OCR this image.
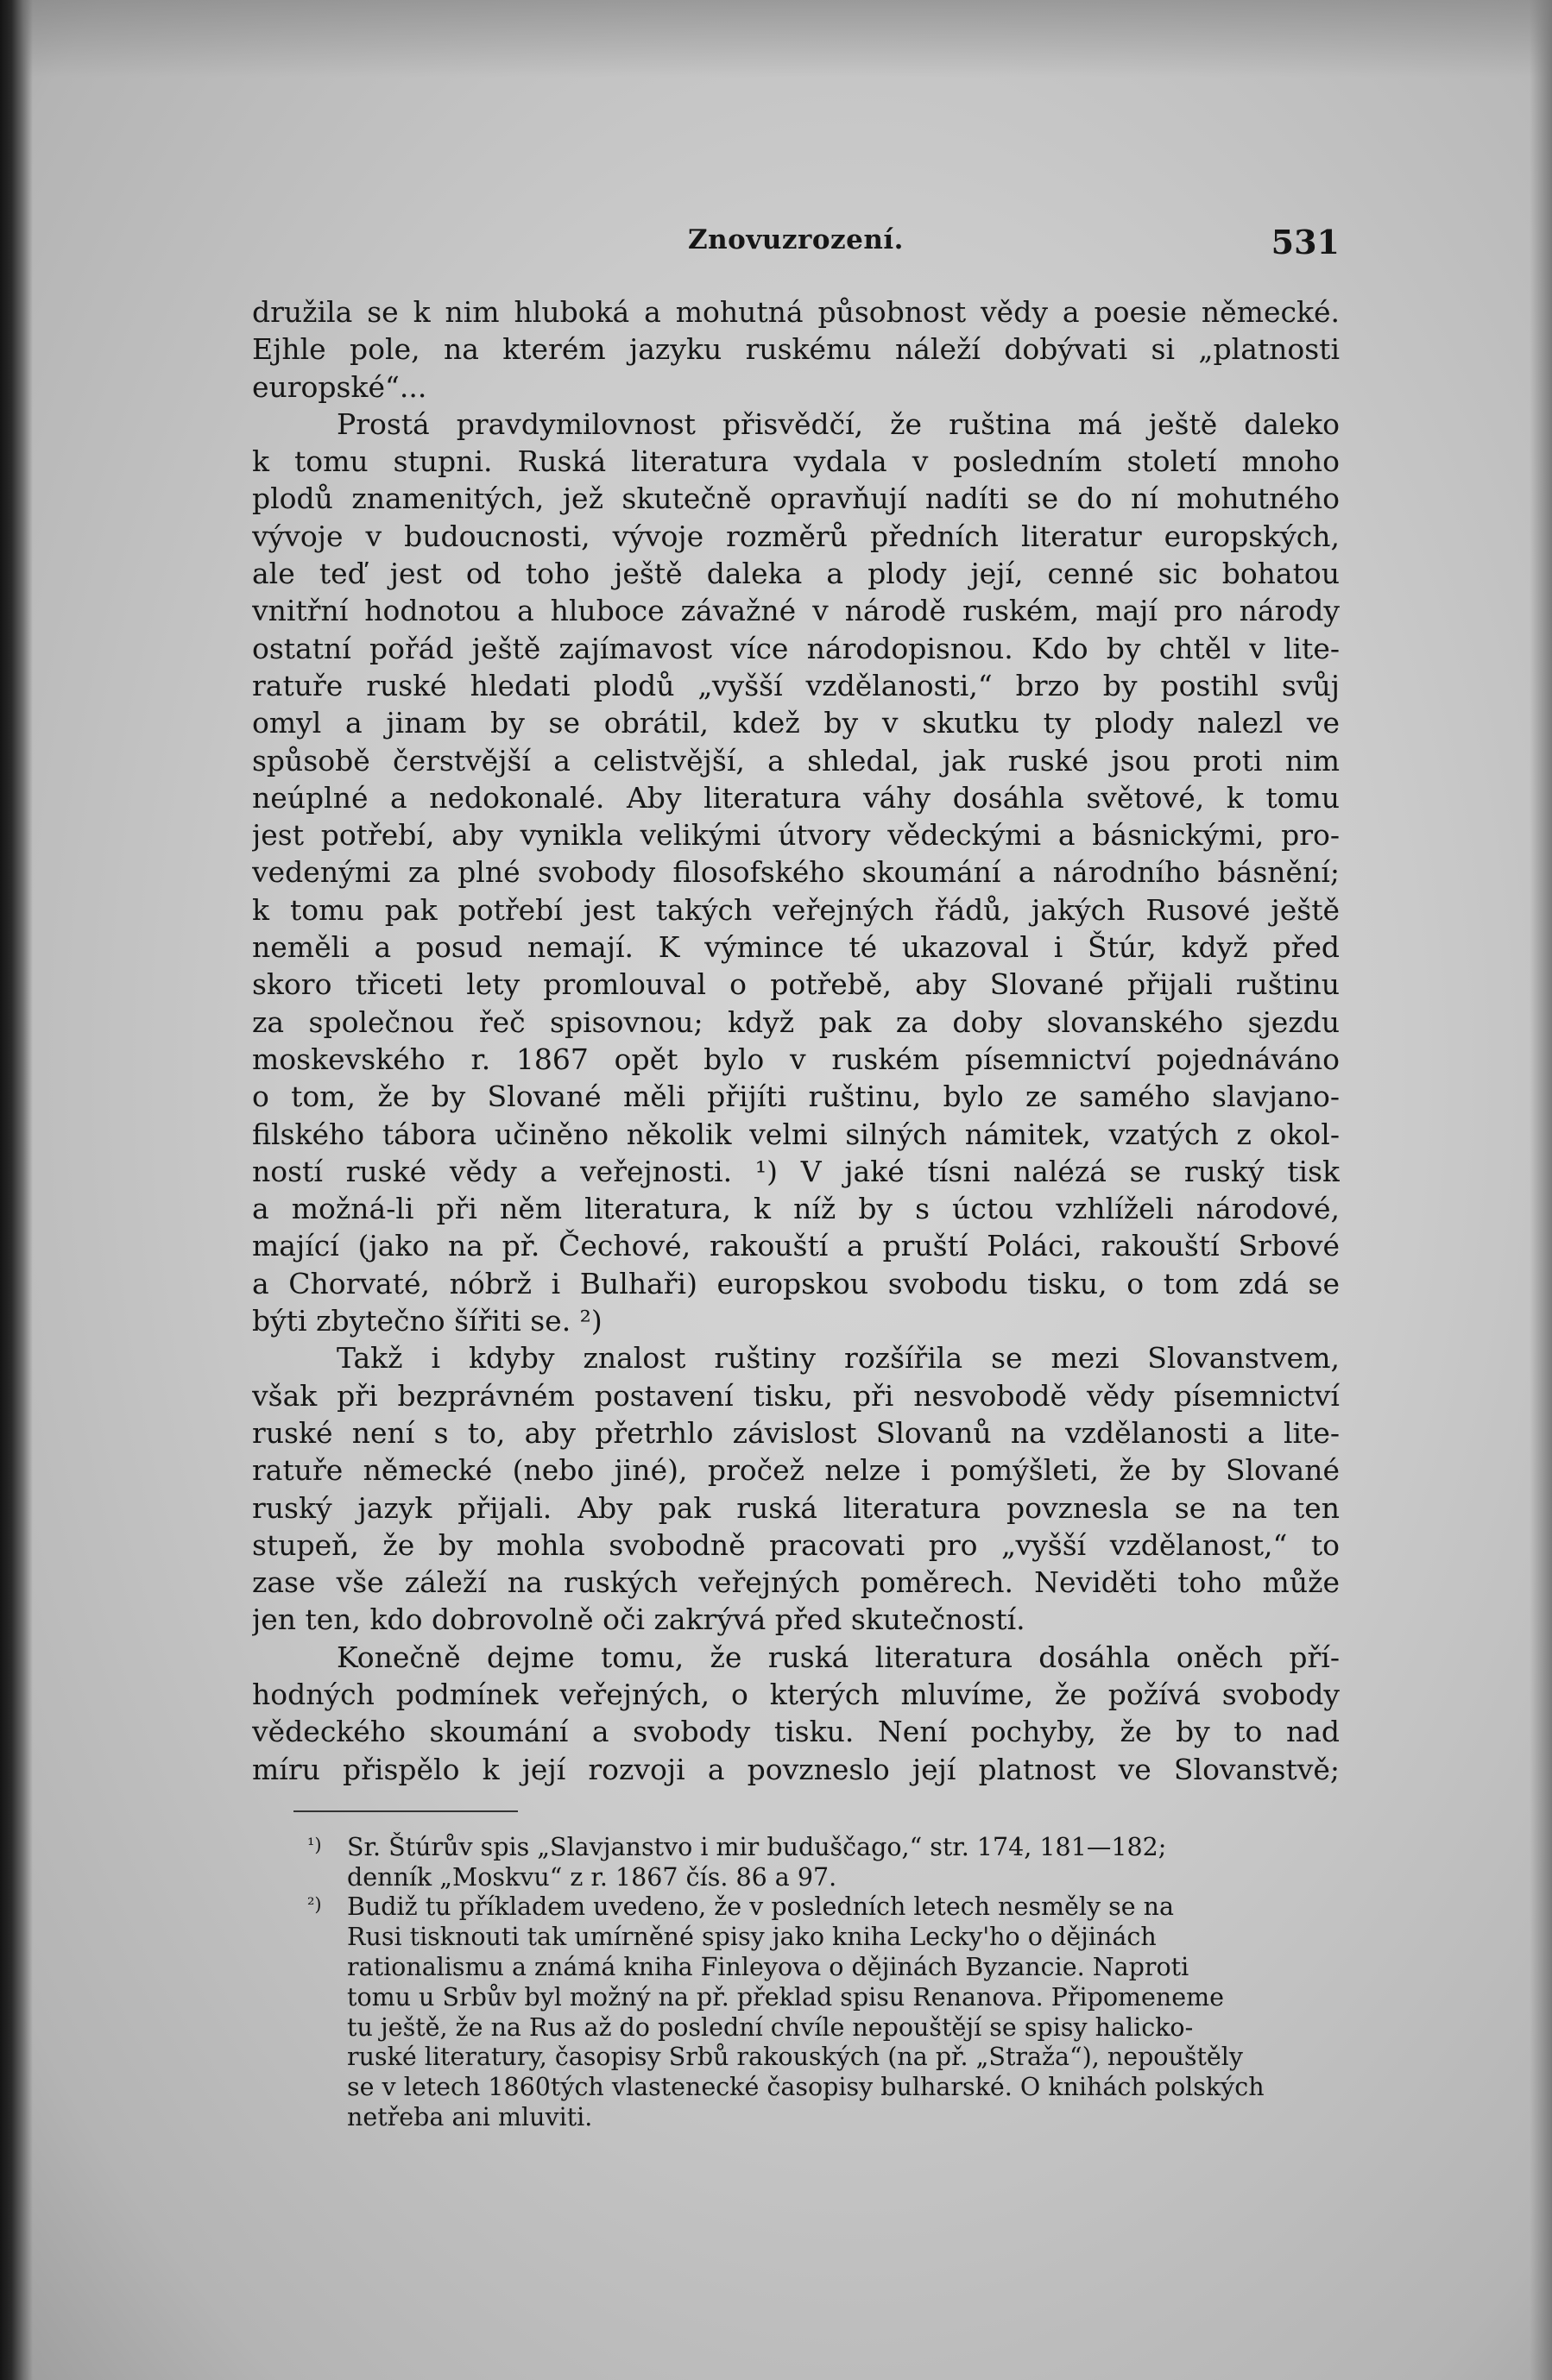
Znovuzrození.	531
družila se k nim hluboká a mohutná působnost vědy a poesie německé.
Ejhle pole, na kterém jazyku ruskému náleží dobývati si „platnosti
europské“...
Prostá pravdymilovnost přisvědčí, že ruština má ještě daleko
k tomu stupni. Ruská literatura vydala v posledním století mnoho
plodů znamenitých, jež skutečně opravňují nadíti se do ní mohutného
vývoje v budoucnosti, vývoje rozměrů předních literatur europských,
ale teď jest od toho ještě daleka a plody její, cenné sic bohatou
vnitřní hodnotou a hluboce závažné v národě ruském, mají pro národy
ostatní pořád ještě zajímavost více národopisnou. Kdo by chtěl v lite-
ratuře ruské hledati plodů „vyšší vzdělanosti,“ brzo by postihl svůj
omyl a jinam by se obrátil, kdež by v skutku ty plody nalezl ve
spůsobě čerstvější a celistvější, a shledal, jak ruské jsou proti nim
neúplné a nedokonalé. Aby literatura váhy dosáhla světové, k tomu
jest potřebí, aby vynikla velikými útvory vědeckými a básnickými, pro-
vedenými za plné svobody filosofského skoumání a národního básnění;
k tomu pak potřebí jest takých veřejných řádů, jakých Rusové ještě
neměli a posud nemají. K výmince té ukazoval i Štúr, když před
skoro třiceti lety promlouval o potřebě, aby Slované přijali ruštinu
za společnou řeč spisovnou; když pak za doby slovanského sjezdu
moskevského r. 1867 opět bylo v ruském písemnictví pojednáváno
o tom, že by Slované měli přijíti ruštinu, bylo ze samého slavjano-
filského tábora učiněno několik velmi silných námitek, vzatých z okol-
ností ruské vědy a veřejnosti. ¹) V jaké tísni nalézá se ruský tisk
a možná-li při něm literatura, k níž by s úctou vzhlíželi národové,
mající (jako na př. Čechové, rakouští a pruští Poláci, rakouští Srbové
a Chorvaté, nóbrž i Bulhaři) europskou svobodu tisku, o tom zdá se
býti zbytečno šířiti se. ²)
Takž i kdyby znalost ruštiny rozšířila se mezi Slovanstvem,
však při bezprávném postavení tisku, při nesvobodě vědy písemnictví
ruské není s to, aby přetrhlo závislost Slovanů na vzdělanosti a lite-
ratuře německé (nebo jiné), pročež nelze i pomýšleti, že by Slované
ruský jazyk přijali. Aby pak ruská literatura povznesla se na ten
stupeň, že by mohla svobodně pracovati pro „vyšší vzdělanost,“ to
zase vše záleží na ruských veřejných poměrech. Neviděti toho může
jen ten, kdo dobrovolně oči zakrývá před skutečností.
Konečně dejme tomu, že ruská literatura dosáhla oněch pří-
hodných podmínek veřejných, o kterých mluvíme, že požívá svobody
vědeckého skoumání a svobody tisku. Není pochyby, že by to nad
míru přispělo k její rozvoji a povzneslo její platnost ve Slovanstvě;
¹) Sr. Štúrův spis „Slavjanstvo i mir buduščago,“ str. 174, 181—182;
denník „Moskvu“ z r. 1867 čís. 86 a 97.
²) Budiž tu příkladem uvedeno, že v posledních letech nesměly se na
Rusi tisknouti tak umírněné spisy jako kniha Lecky'ho o dějinách
rationalismu a známá kniha Finleyova o dějinách Byzancie. Naproti
tomu u Srbův byl možný na př. překlad spisu Renanova. Připomeneme
tu ještě, že na Rus až do poslední chvíle nepouštějí se spisy halicko-
ruské literatury, časopisy Srbů rakouských (na př. „Straža“), nepouštěly
se v letech 1860tých vlastenecké časopisy bulharské. O knihách polských
netřeba ani mluviti.
